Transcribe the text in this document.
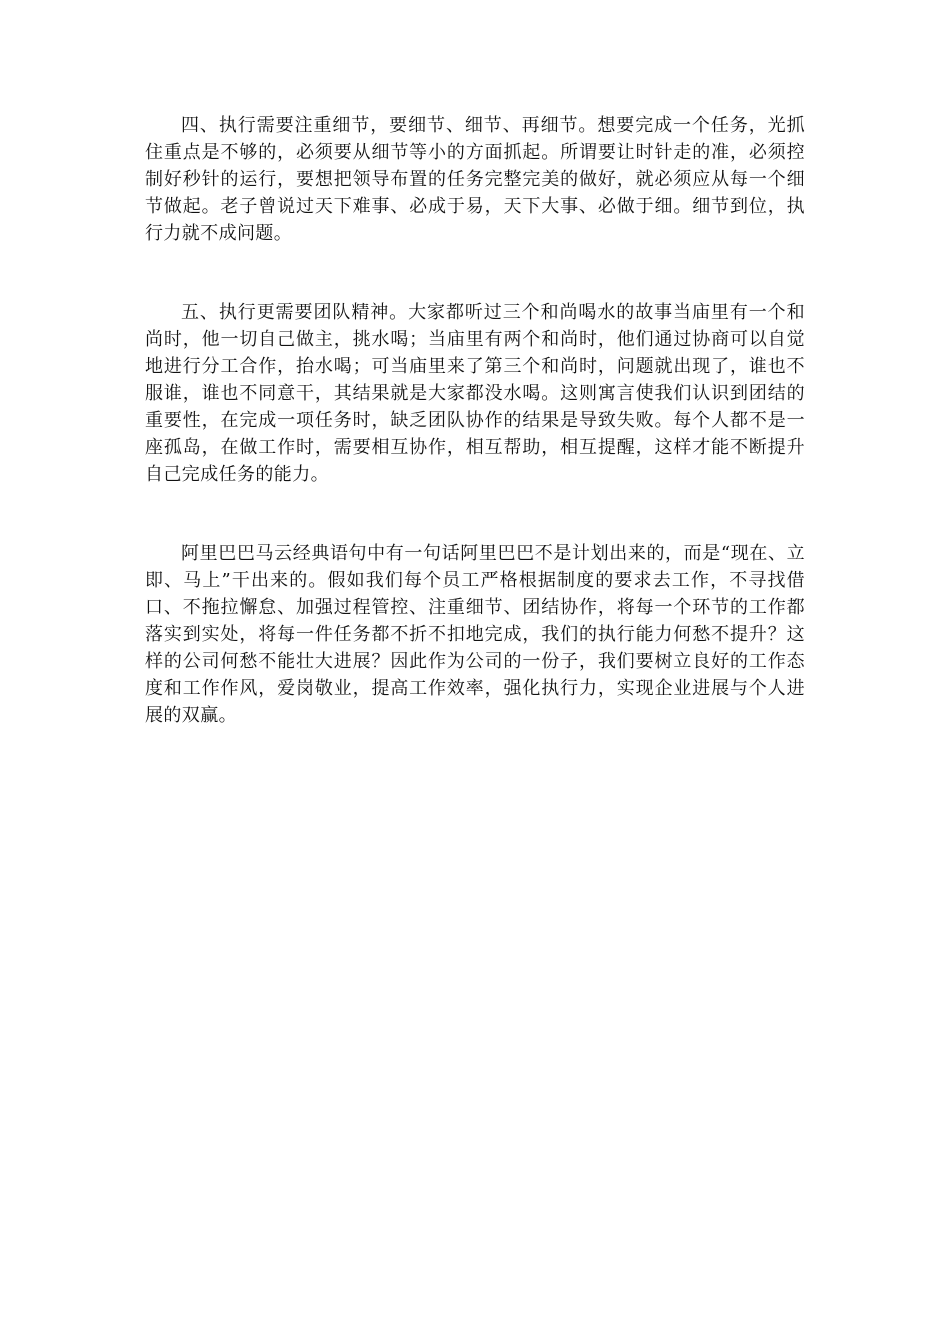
四、执行需要注重细节，要细节、细节、再细节。想要完成一个任务，光抓住重点是不够的，必须要从细节等小的方面抓起。所谓要让时针走的准，必须控制好秒针的运行，要想把领导布置的任务完整完美的做好，就必须应从每一个细节做起。老子曾说过天下难事、必成于易，天下大事、必做于细。细节到位，执行力就不成问题。

五、执行更需要团队精神。大家都听过三个和尚喝水的故事当庙里有一个和尚时，他一切自己做主，挑水喝；当庙里有两个和尚时，他们通过协商可以自觉地进行分工合作，抬水喝；可当庙里来了第三个和尚时，问题就出现了，谁也不服谁，谁也不同意干，其结果就是大家都没水喝。这则寓言使我们认识到团结的重要性，在完成一项任务时，缺乏团队协作的结果是导致失败。每个人都不是一座孤岛，在做工作时，需要相互协作，相互帮助，相互提醒，这样才能不断提升自己完成任务的能力。

阿里巴巴马云经典语句中有一句话阿里巴巴不是计划出来的，而是“现在、立即、马上”干出来的。假如我们每个员工严格根据制度的要求去工作，不寻找借口、不拖拉懈怠、加强过程管控、注重细节、团结协作，将每一个环节的工作都落实到实处，将每一件任务都不折不扣地完成，我们的执行能力何愁不提升？这样的公司何愁不能壮大进展？因此作为公司的一份子，我们要树立良好的工作态度和工作作风，爱岗敬业，提高工作效率，强化执行力，实现企业进展与个人进展的双赢。
